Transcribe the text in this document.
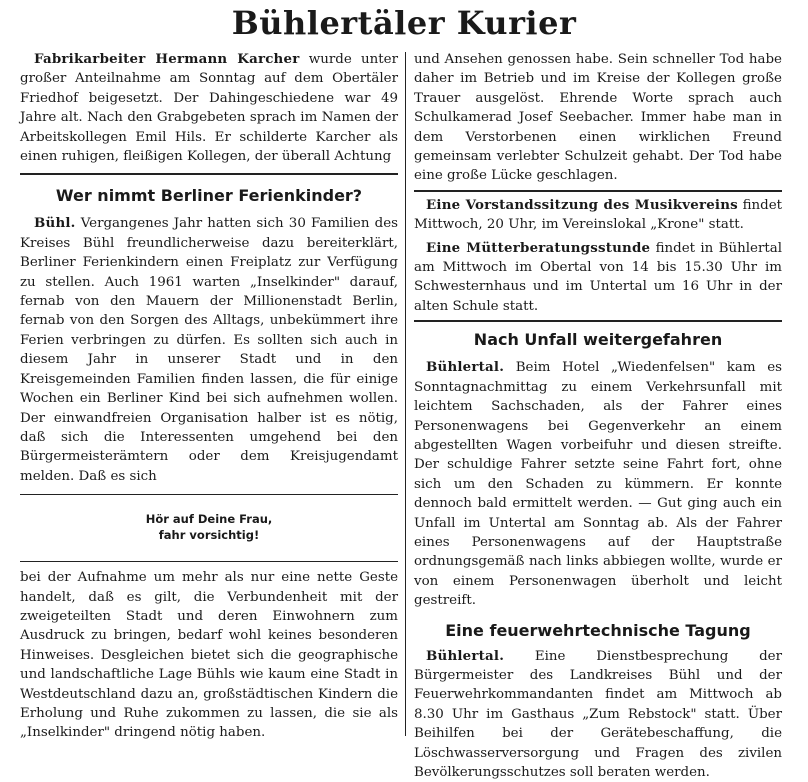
Bühlertäler Kurier

Fabrikarbeiter Hermann Karcher wurde unter großer Anteilnahme am Sonntag auf dem Obertäler Friedhof beigesetzt. Der Dahingeschiedene war 49 Jahre alt. Nach den Grabgebeten sprach im Namen der Arbeitskollegen Emil Hils. Er schilderte Karcher als einen ruhigen, fleißigen Kollegen, der überall Achtung

Wer nimmt Berliner Ferienkinder?

Bühl. Vergangenes Jahr hatten sich 30 Familien des Kreises Bühl freundlicherweise dazu bereiterklärt, Berliner Ferienkindern einen Freiplatz zur Verfügung zu stellen. Auch 1961 warten „Inselkinder" darauf, fernab von den Mauern der Millionenstadt Berlin, fernab von den Sorgen des Alltags, unbekümmert ihre Ferien verbringen zu dürfen. Es sollten sich auch in diesem Jahr in unserer Stadt und in den Kreisgemeinden Familien finden lassen, die für einige Wochen ein Berliner Kind bei sich aufnehmen wollen. Der einwandfreien Organisation halber ist es nötig, daß sich die Interessenten umgehend bei den Bürgermeisterämtern oder dem Kreisjugendamt melden. Daß es sich

Hör auf Deine Frau,
fahr vorsichtig!

bei der Aufnahme um mehr als nur eine nette Geste handelt, daß es gilt, die Verbundenheit mit der zweigeteilten Stadt und deren Einwohnern zum Ausdruck zu bringen, bedarf wohl keines besonderen Hinweises. Desgleichen bietet sich die geographische und landschaftliche Lage Bühls wie kaum eine Stadt in Westdeutschland dazu an, großstädtischen Kindern die Erholung und Ruhe zukommen zu lassen, die sie als „Inselkinder" dringend nötig haben.

und Ansehen genossen habe. Sein schneller Tod habe daher im Betrieb und im Kreise der Kollegen große Trauer ausgelöst. Ehrende Worte sprach auch Schulkamerad Josef Seebacher. Immer habe man in dem Verstorbenen einen wirklichen Freund gemeinsam verlebter Schulzeit gehabt. Der Tod habe eine große Lücke geschlagen.

Eine Vorstandssitzung des Musikvereins findet Mittwoch, 20 Uhr, im Vereinslokal „Krone" statt.

Eine Mütterberatungsstunde findet in Bühlertal am Mittwoch im Obertal von 14 bis 15.30 Uhr im Schwesternhaus und im Untertal um 16 Uhr in der alten Schule statt.

Nach Unfall weitergefahren

Bühlertal. Beim Hotel „Wiedenfelsen" kam es Sonntagnachmittag zu einem Verkehrsunfall mit leichtem Sachschaden, als der Fahrer eines Personenwagens bei Gegenverkehr an einem abgestellten Wagen vorbeifuhr und diesen streifte. Der schuldige Fahrer setzte seine Fahrt fort, ohne sich um den Schaden zu kümmern. Er konnte dennoch bald ermittelt werden. — Gut ging auch ein Unfall im Untertal am Sonntag ab. Als der Fahrer eines Personenwagens auf der Hauptstraße ordnungsgemäß nach links abbiegen wollte, wurde er von einem Personenwagen überholt und leicht gestreift.

Eine feuerwehrtechnische Tagung

Bühlertal. Eine Dienstbesprechung der Bürgermeister des Landkreises Bühl und der Feuerwehrkommandanten findet am Mittwoch ab 8.30 Uhr im Gasthaus „Zum Rebstock" statt. Über Beihilfen bei der Gerätebeschaffung, die Löschwasserversorgung und Fragen des zivilen Bevölkerungsschutzes soll beraten werden.
